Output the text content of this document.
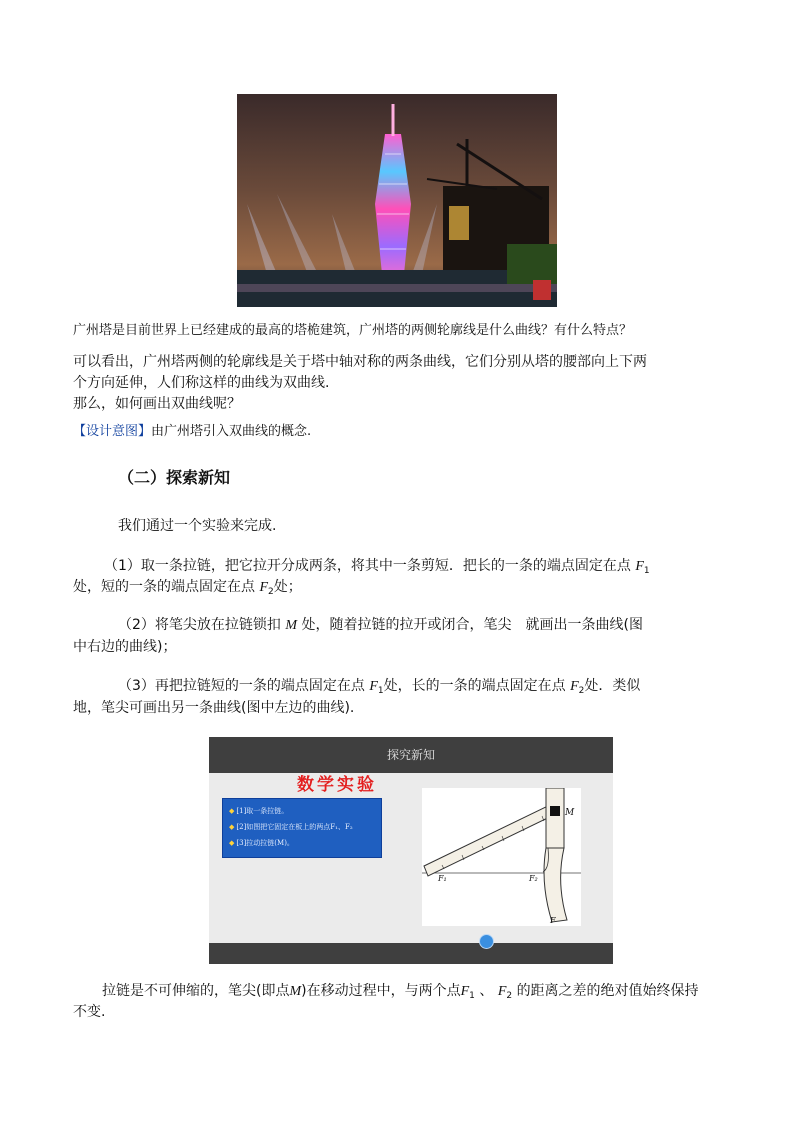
广州塔是目前世界上已经建成的最高的塔桅建筑，广州塔的两侧轮廓线是什么曲线？有什么特点？
可以看出，广州塔两侧的轮廓线是关于塔中轴对称的两条曲线，它们分别从塔的腰部向上下两
个方向延伸，人们称这样的曲线为双曲线.
那么，如何画出双曲线呢？
【设计意图】由广州塔引入双曲线的概念.
（二）探索新知
我们通过一个实验来完成.
（1）取一条拉链，把它拉开分成两条，将其中一条剪短．把长的一条的端点固定在点 $F_1$
处，短的一条的端点固定在点 $F_2$处；
（2）将笔尖放在拉链锁扣 M 处，随着拉链的拉开或闭合，笔尖　就画出一条曲线(图
中右边的曲线)；
（3）再把拉链短的一条的端点固定在点 $F_1$处，长的一条的端点固定在点 $F_2$处．类似
地，笔尖可画出另一条曲线(图中左边的曲线).
探究新知
数学实验
◆ [1]取一条拉链。
◆ [2]如图把它固定在板上的两点F₁、F₂
◆ [3]拉动拉链(M)。
M
F₁	F₂
F
拉链是不可伸缩的，笔尖(即点M)在移动过程中，与两个点$F_1$ 、 $F_2$ 的距离之差的绝对值始终保持
不变.
